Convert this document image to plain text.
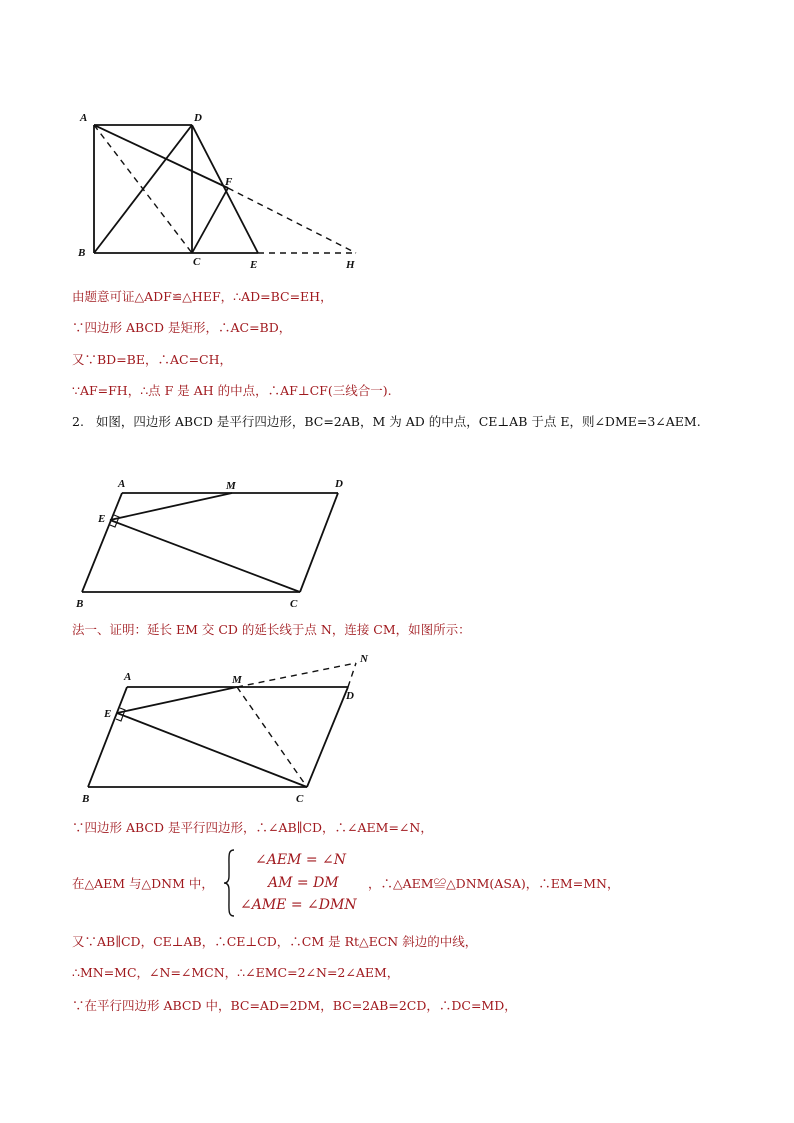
A	D
F
B
C	E	H
由题意可证△ADF≌△HEF，∴AD=BC=EH，
∵四边形 ABCD 是矩形，∴AC=BD，
又∵BD=BE，∴AC=CH，
∵AF=FH，∴点 F 是 AH 的中点，∴AF⊥CF(三线合一).
2. 如图，四边形 ABCD 是平行四边形，BC=2AB，M 为 AD 的中点，CE⊥AB 于点 E，则∠DME=3∠AEM.
A	M	D
E
B	C
法一、证明：延长 EM 交 CD 的延长线于点 N，连接 CM，如图所示：
N
A	M
D
E
B	C
∵四边形 ABCD 是平行四边形，∴∠AB∥CD，∴∠AEM=∠N，
在△AEM 与△DNM 中，
∠AEM = ∠N
AM = DM
∠AME = ∠DMN
，∴△AEM≌△DNM(ASA)，∴EM=MN，
又∵AB∥CD，CE⊥AB，∴CE⊥CD，∴CM 是 Rt△ECN 斜边的中线，
∴MN=MC，∠N=∠MCN，∴∠EMC=2∠N=2∠AEM，
∵在平行四边形 ABCD 中，BC=AD=2DM，BC=2AB=2CD，∴DC=MD，
